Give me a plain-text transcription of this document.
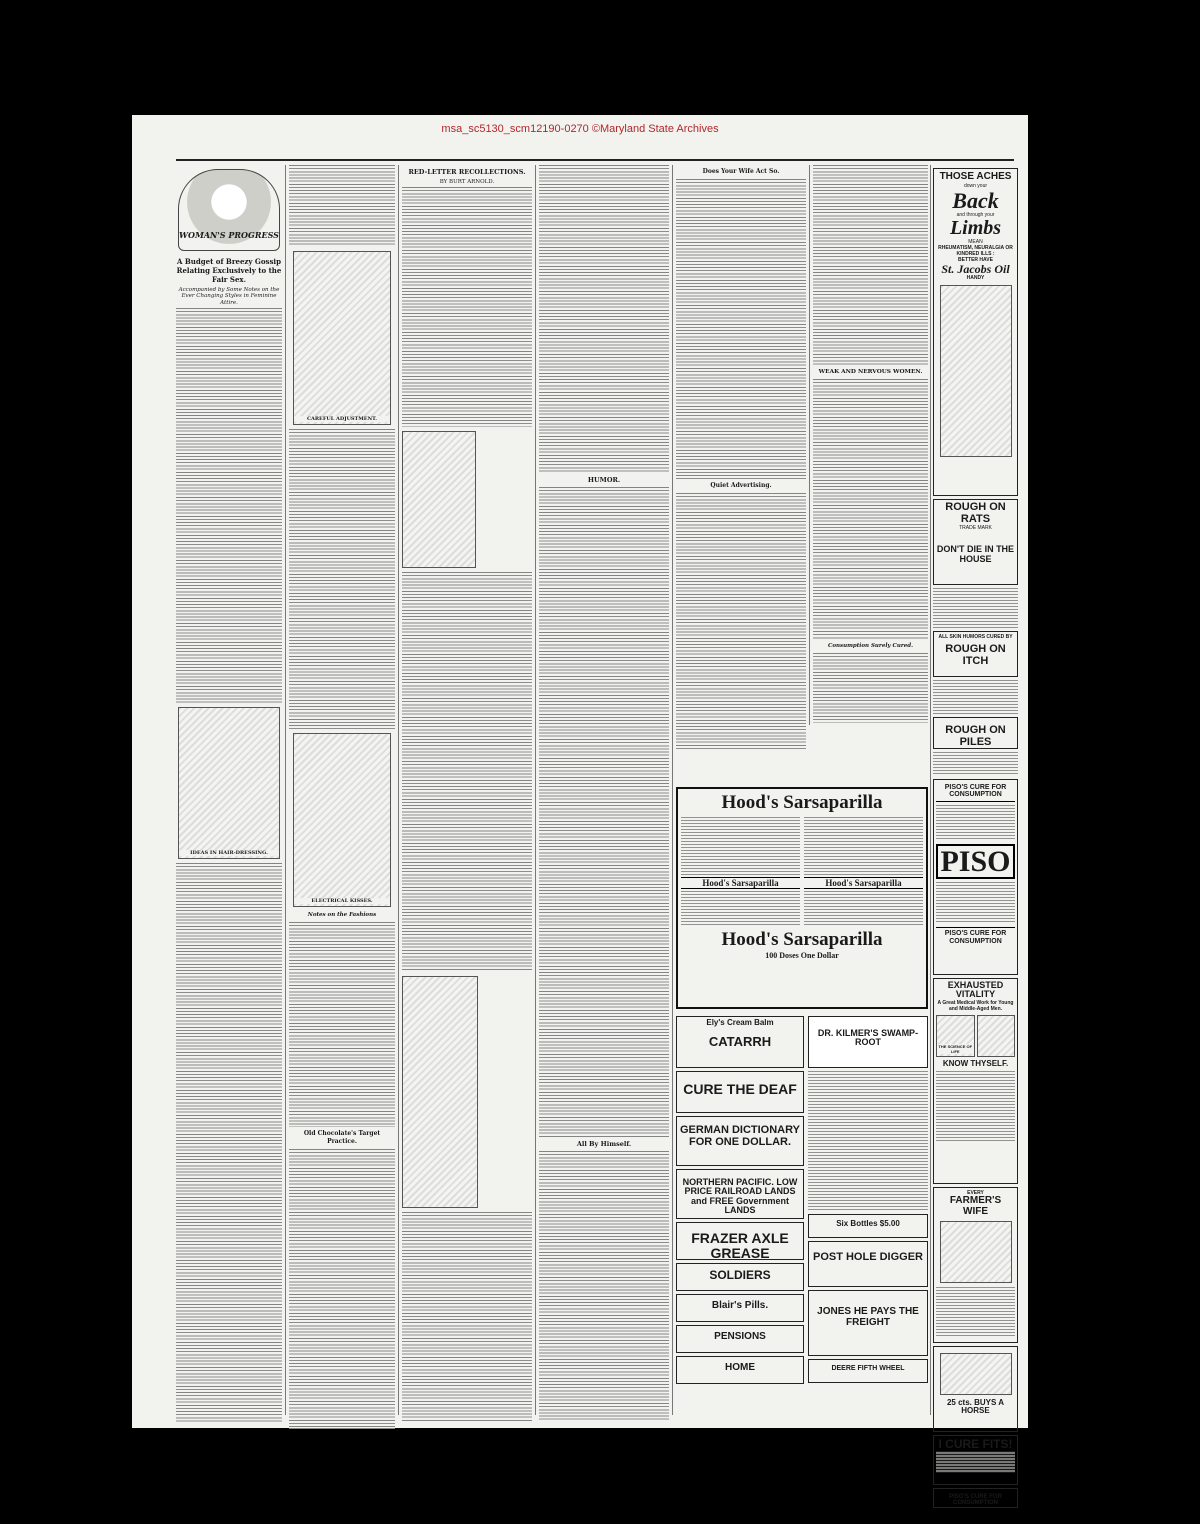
msa_sc5130_scm12190-0270 ©Maryland State Archives
WOMAN'S PROGRESS
A Budget of Breezy Gossip Relating Exclusively to the Fair Sex.
Accompanied by Some Notes on the Ever Changing Styles in Feminine Attire.
IDEAS IN HAIR-DRESSING.
CAREFUL ADJUSTMENT.
ELECTRICAL KISSES.
Notes on the Fashions
Old Chocolate's Target Practice.
RED-LETTER RECOLLECTIONS.
BY BURT ARNOLD.
HUMOR.
All By Himself.
Does Your Wife Act So.
Quiet Advertising.
WEAK AND NERVOUS WOMEN.
Consumption Surely Cured.
Hood's Sarsaparilla
Hood's Sarsaparilla	Hood's Sarsaparilla
Hood's Sarsaparilla
100 Doses One Dollar
Ely's Cream Balm
CATARRH
CURE THE DEAF
GERMAN DICTIONARY FOR ONE DOLLAR.
NORTHERN PACIFIC. LOW PRICE RAILROAD LANDS and FREE Government LANDS
FRAZER AXLE GREASE
SOLDIERS
Blair's Pills.
PENSIONS
HOME
DR. KILMER'S SWAMP-ROOT
Six Bottles $5.00
POST HOLE DIGGER
JONES HE PAYS THE FREIGHT
DEERE FIFTH WHEEL
THOSE ACHES
down your
Back
and through your
Limbs
MEAN
RHEUMATISM, NEURALGIA OR KINDRED ILLS :
BETTER HAVE
St. Jacobs Oil
HANDY
ROUGH ON RATS
TRADE MARK
DON'T DIE IN THE HOUSE
ALL SKIN HUMORS CURED BY
ROUGH ON ITCH
ROUGH ON PILES
PISO'S CURE FOR CONSUMPTION
PISO
PISO'S CURE FOR CONSUMPTION
EXHAUSTED VITALITY
A Great Medical Work for Young and Middle-Aged Men.
THE SCIENCE OF LIFE
KNOW THYSELF.
EVERY
FARMER'S WIFE
25 cts. BUYS A HORSE
I CURE FITS!
PISO'S CURE FOR CONSUMPTION
